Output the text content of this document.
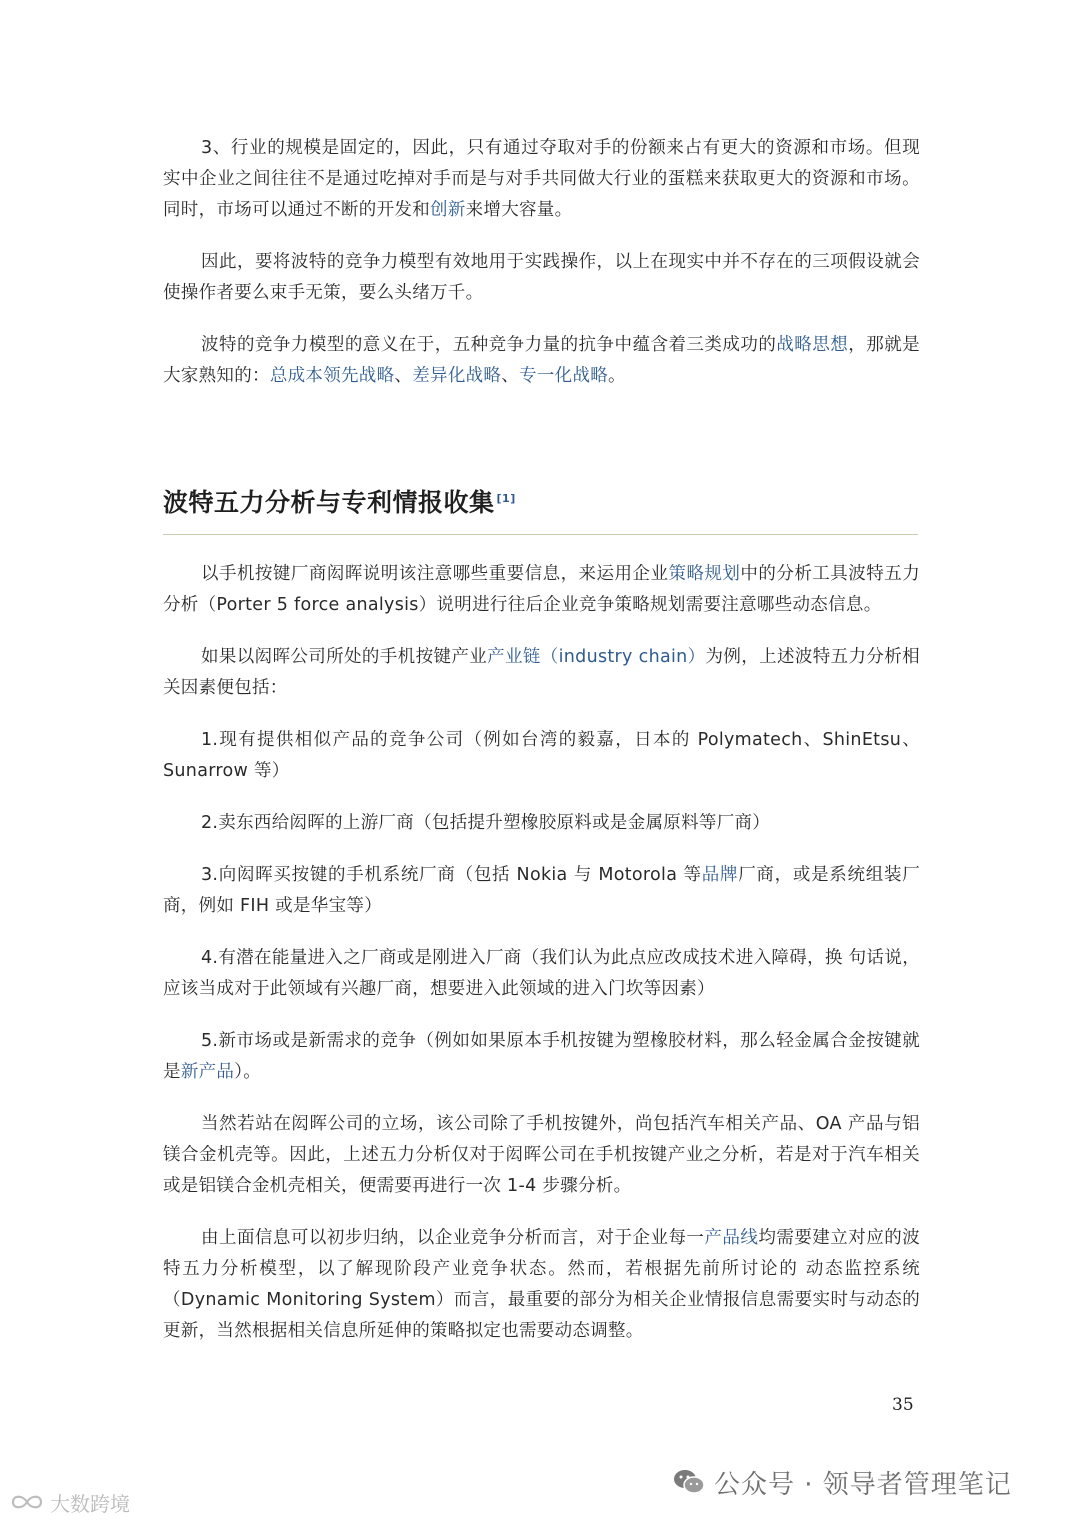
3、行业的规模是固定的，因此，只有通过夺取对手的份额来占有更大的资源和市场。但现实中企业之间往往不是通过吃掉对手而是与对手共同做大行业的蛋糕来获取更大的资源和市场。同时，市场可以通过不断的开发和创新来增大容量。

因此，要将波特的竞争力模型有效地用于实践操作，以上在现实中并不存在的三项假设就会使操作者要么束手无策，要么头绪万千。

波特的竞争力模型的意义在于，五种竞争力量的抗争中蕴含着三类成功的战略思想，那就是大家熟知的：总成本领先战略、差异化战略、专一化战略。

波特五力分析与专利情报收集 [1]

以手机按键厂商闳晖说明该注意哪些重要信息，来运用企业策略规划中的分析工具波特五力分析（Porter 5 force analysis）说明进行往后企业竞争策略规划需要注意哪些动态信息。

如果以闳晖公司所处的手机按键产业产业链（industry chain）为例，上述波特五力分析相关因素便包括：

1.现有提供相似产品的竞争公司（例如台湾的毅嘉，日本的 Polymatech、ShinEtsu、Sunarrow 等）

2.卖东西给闳晖的上游厂商（包括提升塑橡胶原料或是金属原料等厂商）

3.向闳晖买按键的手机系统厂商（包括 Nokia 与 Motorola 等品牌厂商，或是系统组装厂商，例如 FIH 或是华宝等）

4.有潜在能量进入之厂商或是刚进入厂商（我们认为此点应改成技术进入障碍，换 句话说，应该当成对于此领域有兴趣厂商，想要进入此领域的进入门坎等因素）

5.新市场或是新需求的竞争（例如如果原本手机按键为塑橡胶材料，那么轻金属合金按键就是新产品）。

当然若站在闳晖公司的立场，该公司除了手机按键外，尚包括汽车相关产品、OA 产品与铝镁合金机壳等。因此，上述五力分析仅对于闳晖公司在手机按键产业之分析，若是对于汽车相关或是铝镁合金机壳相关，便需要再进行一次 1-4 步骤分析。

由上面信息可以初步归纳，以企业竞争分析而言，对于企业每一产品线均需要建立对应的波特五力分析模型，以了解现阶段产业竞争状态。然而，若根据先前所讨论的 动态监控系统（Dynamic Monitoring System）而言，最重要的部分为相关企业情报信息需要实时与动态的更新，当然根据相关信息所延伸的策略拟定也需要动态调整。

35
公众号 · 领导者管理笔记
大数跨境
